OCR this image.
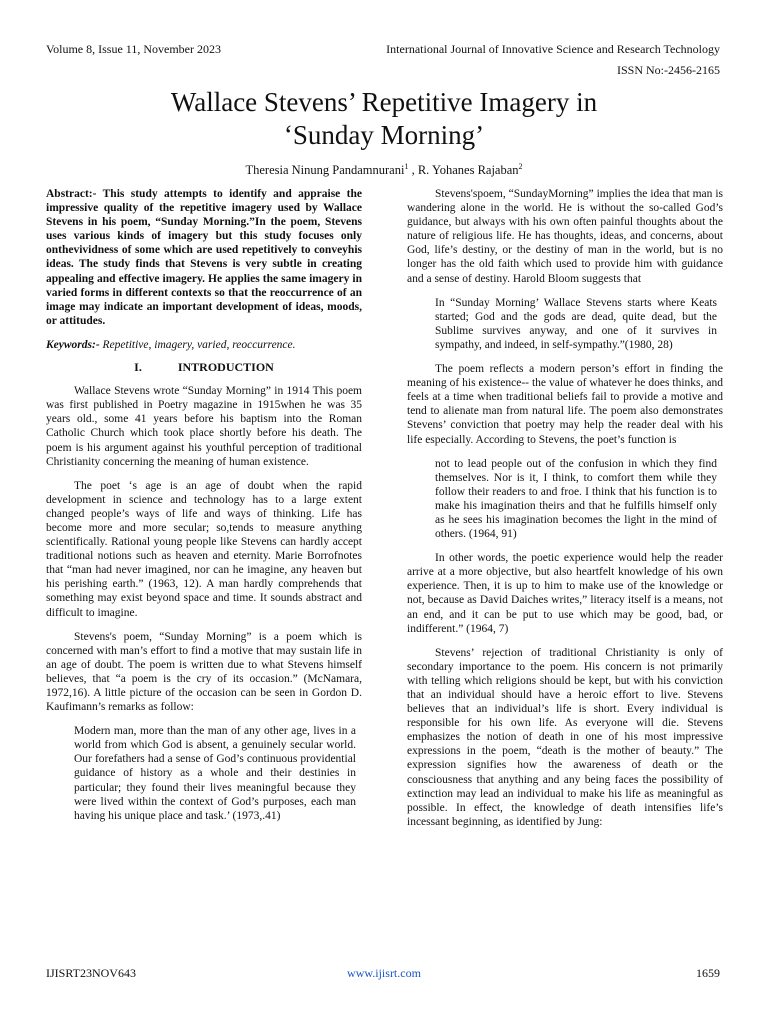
Volume 8, Issue 11, November 2023	International Journal of Innovative Science and Research Technology
ISSN No:-2456-2165
Wallace Stevens’ Repetitive Imagery in
‘Sunday Morning’
Theresia Ninung Pandamnurani$^1$ , R. Yohanes Rajaban$^2$

Abstract:- This study attempts to identify and appraise the impressive quality of the repetitive imagery used by Wallace Stevens in his poem, “Sunday Morning.”In the poem, Stevens uses various kinds of imagery but this study focuses only onthevividness of some which are used repetitively to conveyhis ideas. The study finds that Stevens is very subtle in creating appealing and effective imagery. He applies the same imagery in varied forms in different contexts so that the reoccurrence of an image may indicate an important development of ideas, moods, or attitudes.

Keywords:- Repetitive, imagery, varied, reoccurrence.

I.	INTRODUCTION

Wallace Stevens wrote “Sunday Morning” in 1914 This poem was first published in Poetry magazine in 1915when he was 35 years old., some 41 years before his baptism into the Roman Catholic Church which took place shortly before his death. The poem is his argument against his youthful perception of traditional Christianity concerning the meaning of human existence.

The poet ‘s age is an age of doubt when the rapid development in science and technology has to a large extent changed people’s ways of life and ways of thinking. Life has become more and more secular; so,tends to measure anything scientifically. Rational young people like Stevens can hardly accept traditional notions such as heaven and eternity. Marie Borrofnotes that “man had never imagined, nor can he imagine, any heaven but his perishing earth.” (1963, 12). A man hardly comprehends that something may exist beyond space and time. It sounds abstract and difficult to imagine.

Stevens's poem, “Sunday Morning” is a poem which is concerned with man’s effort to find a motive that may sustain life in an age of doubt. The poem is written due to what Stevens himself believes, that “a poem is the cry of its occasion.” (McNamara, 1972,16). A little picture of the occasion can be seen in Gordon D. Kaufimann’s remarks as follow:

Modern man, more than the man of any other age, lives in a world from which God is absent, a genuinely secular world. Our forefathers had a sense of God’s continuous providential guidance of history as a whole and their destinies in particular; they found their lives meaningful because they were lived within the context of God’s purposes, each man having his unique place and task.’ (1973,.41)

Stevens'spoem, “SundayMorning” implies the idea that man is wandering alone in the world. He is without the so-called God’s guidance, but always with his own often painful thoughts about the nature of religious life. He has thoughts, ideas, and concerns, about God, life’s destiny, or the destiny of man in the world, but is no longer has the old faith which used to provide him with guidance and a sense of destiny. Harold Bloom suggests that

In “Sunday Morning’ Wallace Stevens starts where Keats started; God and the gods are dead, quite dead, but the Sublime survives anyway, and one of it survives in sympathy, and indeed, in self-sympathy.”(1980, 28)

The poem reflects a modern person’s effort in finding the meaning of his existence-- the value of whatever he does thinks, and feels at a time when traditional beliefs fail to provide a motive and tend to alienate man from natural life. The poem also demonstrates Stevens’ conviction that poetry may help the reader deal with his life especially. According to Stevens, the poet’s function is

not to lead people out of the confusion in which they find themselves. Nor is it, I think, to comfort them while they follow their readers to and froe. I think that his function is to make his imagination theirs and that he fulfills himself only as he sees his imagination becomes the light in the mind of others. (1964, 91)

In other words, the poetic experience would help the reader arrive at a more objective, but also heartfelt knowledge of his own experience. Then, it is up to him to make use of the knowledge or not, because as David Daiches writes,” literacy itself is a means, not an end, and it can be put to use which may be good, bad, or indifferent.” (1964, 7)

Stevens’ rejection of traditional Christianity is only of secondary importance to the poem. His concern is not primarily with telling which religions should be kept, but with his conviction that an individual should have a heroic effort to live. Stevens believes that an individual’s life is short. Every individual is responsible for his own life. As everyone will die. Stevens emphasizes the notion of death in one of his most impressive expressions in the poem, “death is the mother of beauty.” The expression signifies how the awareness of death or the consciousness that anything and any being faces the possibility of extinction may lead an individual to make his life as meaningful as possible. In effect, the knowledge of death intensifies life’s incessant beginning, as identified by Jung:

IJISRT23NOV643	www.ijisrt.com	1659
